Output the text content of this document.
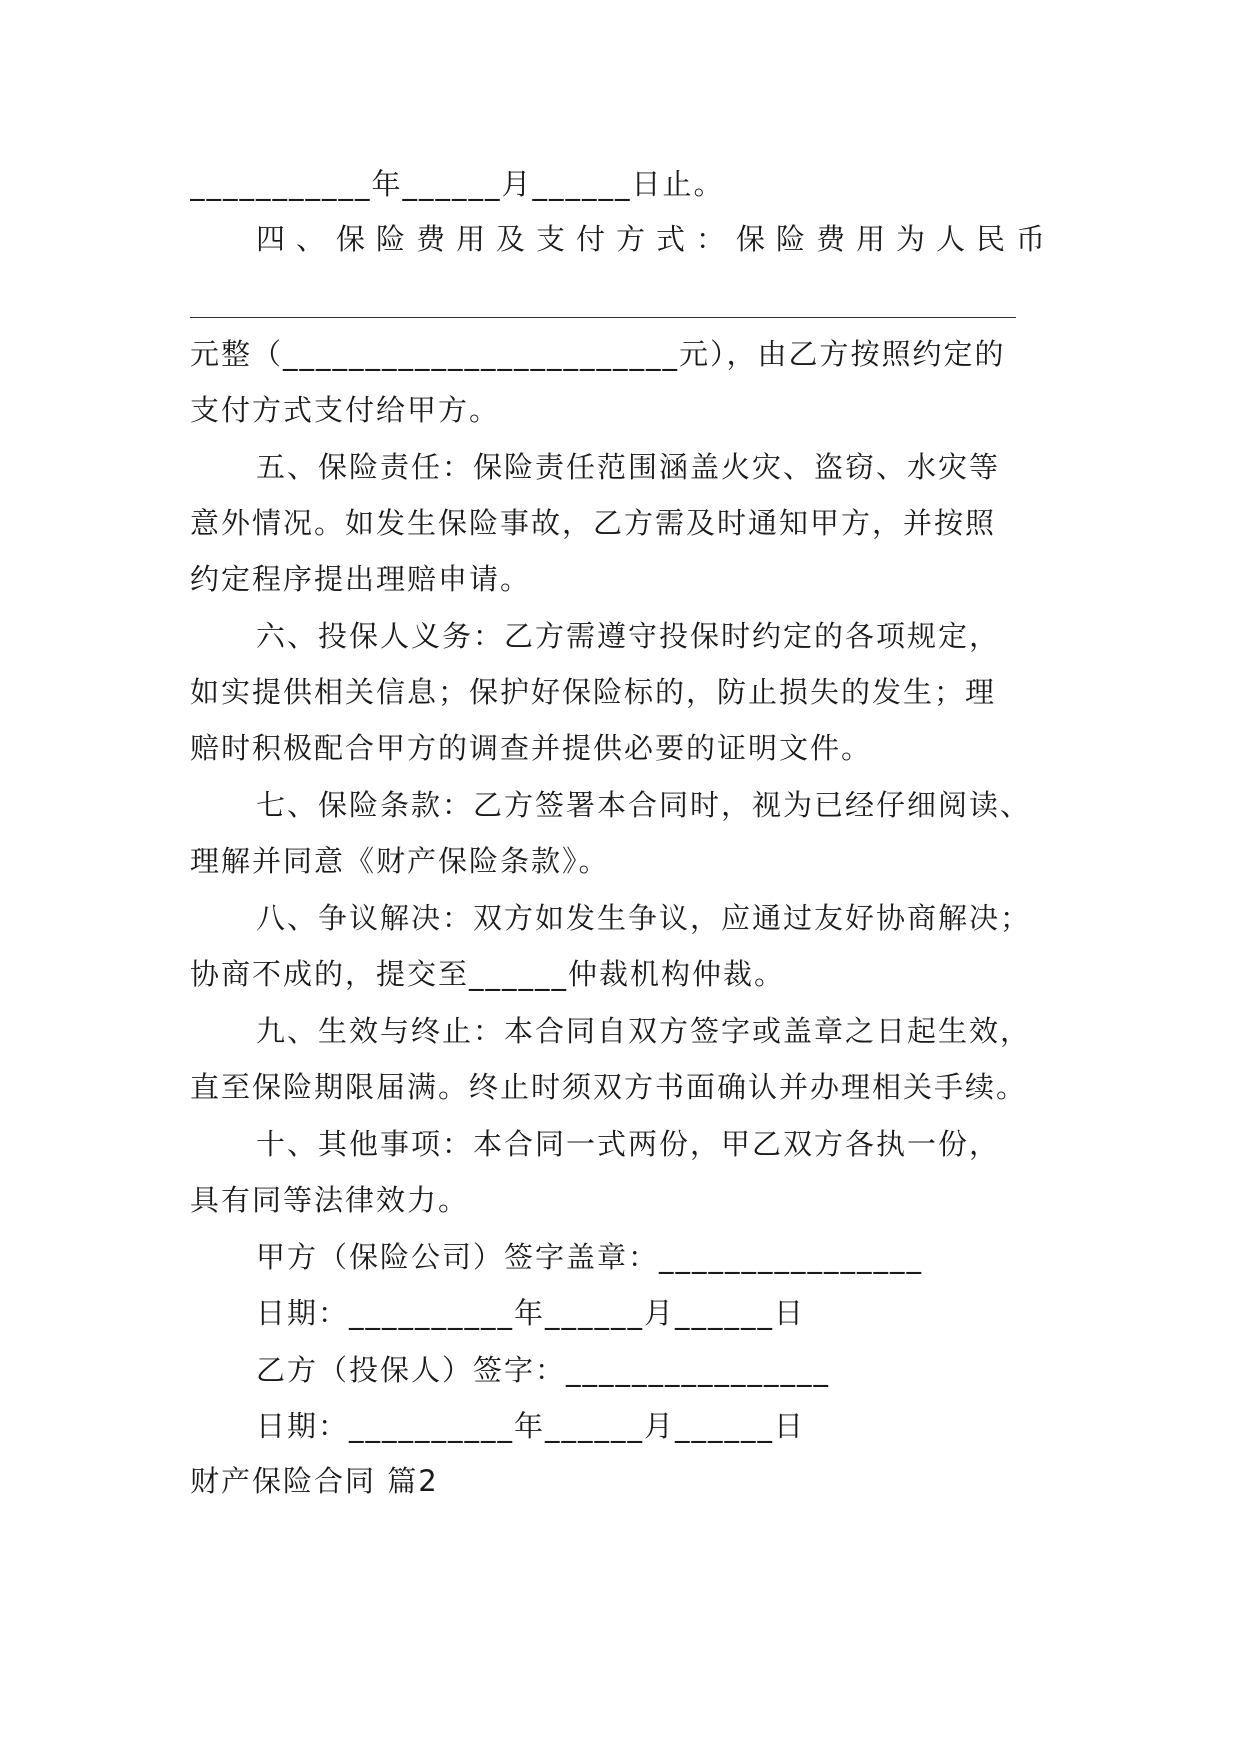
___________年______月______日止。
四、保险费用及支付方式：保险费用为人民币
元整（________________________元），由乙方按照约定的
支付方式支付给甲方。
五、保险责任：保险责任范围涵盖火灾、盗窃、水灾等
意外情况。如发生保险事故，乙方需及时通知甲方，并按照
约定程序提出理赔申请。
六、投保人义务：乙方需遵守投保时约定的各项规定，
如实提供相关信息；保护好保险标的，防止损失的发生；理
赔时积极配合甲方的调查并提供必要的证明文件。
七、保险条款：乙方签署本合同时，视为已经仔细阅读、
理解并同意《财产保险条款》。
八、争议解决：双方如发生争议，应通过友好协商解决；
协商不成的，提交至______仲裁机构仲裁。
九、生效与终止：本合同自双方签字或盖章之日起生效，
直至保险期限届满。终止时须双方书面确认并办理相关手续。
十、其他事项：本合同一式两份，甲乙双方各执一份，
具有同等法律效力。
甲方（保险公司）签字盖章：________________
日期：__________年______月______日
乙方（投保人）签字：________________
日期：__________年______月______日
财产保险合同 篇2
